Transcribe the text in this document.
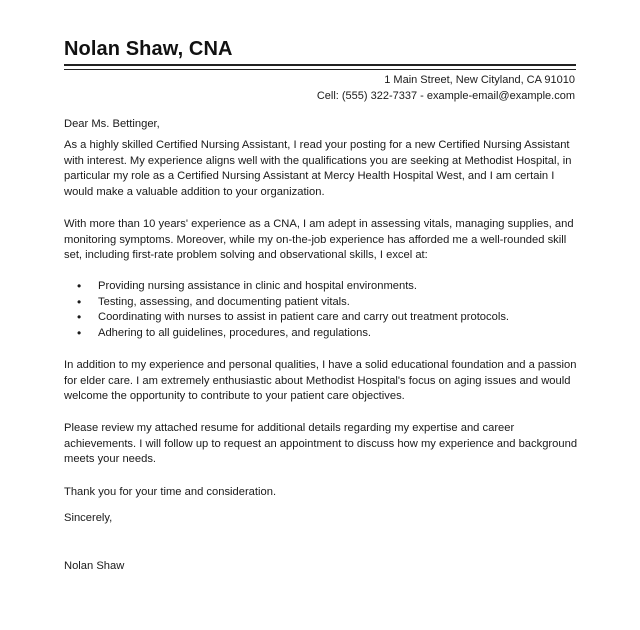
Nolan Shaw, CNA
1 Main Street, New Cityland, CA 91010
Cell: (555) 322-7337 - example-email@example.com
Dear Ms. Bettinger,

As a highly skilled Certified Nursing Assistant, I read your posting for a new Certified Nursing Assistant with interest. My experience aligns well with the qualifications you are seeking at Methodist Hospital, in particular my role as a Certified Nursing Assistant at Mercy Health Hospital West, and I am certain I would make a valuable addition to your organization.

With more than 10 years' experience as a CNA, I am adept in assessing vitals, managing supplies, and monitoring symptoms. Moreover, while my on-the-job experience has afforded me a well-rounded skill set, including first-rate problem solving and observational skills, I excel at:

• Providing nursing assistance in clinic and hospital environments.
• Testing, assessing, and documenting patient vitals.
• Coordinating with nurses to assist in patient care and carry out treatment protocols.
• Adhering to all guidelines, procedures, and regulations.

In addition to my experience and personal qualities, I have a solid educational foundation and a passion for elder care. I am extremely enthusiastic about Methodist Hospital's focus on aging issues and would welcome the opportunity to contribute to your patient care objectives.

Please review my attached resume for additional details regarding my expertise and career achievements. I will follow up to request an appointment to discuss how my experience and background meets your needs.

Thank you for your time and consideration.

Sincerely,
Nolan Shaw
